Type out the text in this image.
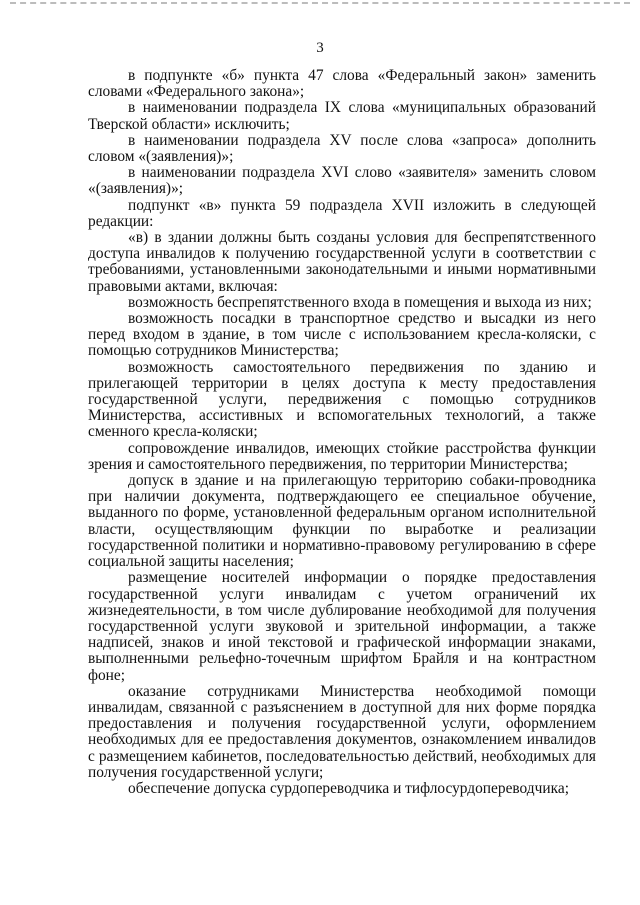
3

в подпункте «б» пункта 47 слова «Федеральный закон» заменить словами «Федерального закона»;

в наименовании подраздела IX слова «муниципальных образований Тверской области» исключить;

в наименовании подраздела XV после слова «запроса» дополнить словом «(заявления)»;

в наименовании подраздела XVI слово «заявителя» заменить словом «(заявления)»;

подпункт «в» пункта 59 подраздела XVII изложить в следующей редакции:

«в) в здании должны быть созданы условия для беспрепятственного доступа инвалидов к получению государственной услуги в соответствии с требованиями, установленными законодательными и иными нормативными правовыми актами, включая:

возможность беспрепятственного входа в помещения и выхода из них;

возможность посадки в транспортное средство и высадки из него перед входом в здание, в том числе с использованием кресла-коляски, с помощью сотрудников Министерства;

возможность самостоятельного передвижения по зданию и прилегающей территории в целях доступа к месту предоставления государственной услуги, передвижения с помощью сотрудников Министерства, ассистивных и вспомогательных технологий, а также сменного кресла-коляски;

сопровождение инвалидов, имеющих стойкие расстройства функции зрения и самостоятельного передвижения, по территории Министерства;

допуск в здание и на прилегающую территорию собаки-проводника при наличии документа, подтверждающего ее специальное обучение, выданного по форме, установленной федеральным органом исполнительной власти, осуществляющим функции по выработке и реализации государственной политики и нормативно-правовому регулированию в сфере социальной защиты населения;

размещение носителей информации о порядке предоставления государственной услуги инвалидам с учетом ограничений их жизнедеятельности, в том числе дублирование необходимой для получения государственной услуги звуковой и зрительной информации, а также надписей, знаков и иной текстовой и графической информации знаками, выполненными рельефно-точечным шрифтом Брайля и на контрастном фоне;

оказание сотрудниками Министерства необходимой помощи инвалидам, связанной с разъяснением в доступной для них форме порядка предоставления и получения государственной услуги, оформлением необходимых для ее предоставления документов, ознакомлением инвалидов с размещением кабинетов, последовательностью действий, необходимых для получения государственной услуги;

обеспечение допуска сурдопереводчика и тифлосурдопереводчика;
